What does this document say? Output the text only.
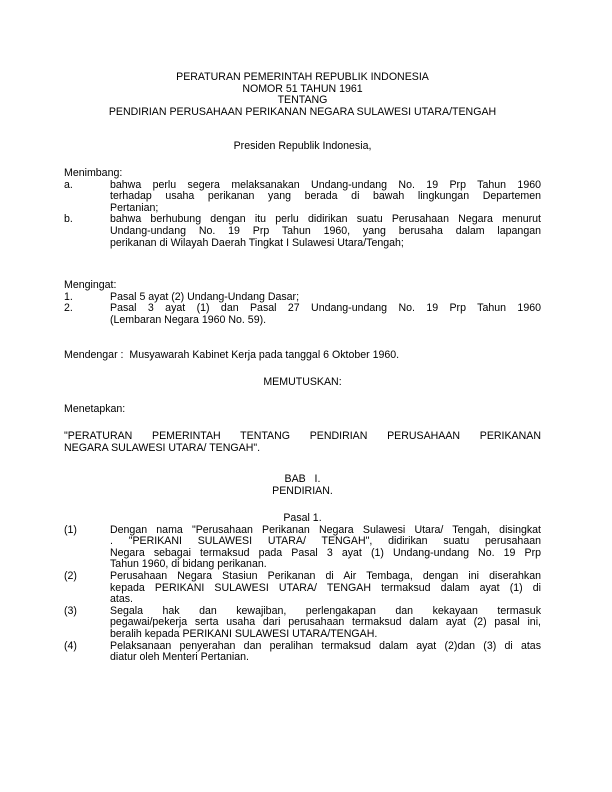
PERATURAN PEMERINTAH REPUBLIK INDONESIA
NOMOR 51 TAHUN 1961
TENTANG
PENDIRIAN PERUSAHAAN PERIKANAN NEGARA SULAWESI UTARA/TENGAH
Presiden Republik Indonesia,
Menimbang:
a.	bahwa perlu segera melaksanakan Undang-undang No. 19 Prp Tahun 1960
terhadap usaha perikanan yang berada di bawah lingkungan Departemen
Pertanian;
b.	bahwa berhubung dengan itu perlu didirikan suatu Perusahaan Negara menurut
Undang-undang No. 19 Prp Tahun 1960, yang berusaha dalam lapangan
perikanan di Wilayah Daerah Tingkat I Sulawesi Utara/Tengah;
Mengingat:
1.	Pasal 5 ayat (2) Undang-Undang Dasar;
2.	Pasal 3 ayat (1) dan Pasal 27 Undang-undang No. 19 Prp Tahun 1960
(Lembaran Negara 1960 No. 59).
Mendengar :  Musyawarah Kabinet Kerja pada tanggal 6 Oktober 1960.
MEMUTUSKAN:
Menetapkan:
"PERATURAN PEMERINTAH TENTANG PENDIRIAN PERUSAHAAN PERIKANAN
NEGARA SULAWESI UTARA/ TENGAH".
BAB   I.
PENDIRIAN.
Pasal 1.
(1)	Dengan nama "Perusahaan Perikanan Negara Sulawesi Utara/ Tengah, disingkat
. "PERIKANI SULAWESI UTARA/ TENGAH", didirikan suatu perusahaan
Negara sebagai termaksud pada Pasal 3 ayat (1) Undang-undang No. 19 Prp
Tahun 1960, di bidang perikanan.
(2)	Perusahaan Negara Stasiun Perikanan di Air Tembaga, dengan ini diserahkan
kepada PERIKANI SULAWESI UTARA/ TENGAH termaksud dalam ayat (1) di
atas.
(3)	Segala hak dan kewajiban, perlengakapan dan kekayaan termasuk
pegawai/pekerja serta usaha dari perusahaan termaksud dalam ayat (2) pasal ini,
beralih kepada PERIKANI SULAWESI UTARA/TENGAH.
(4)	Pelaksanaan penyerahan dan peralihan termaksud dalam ayat (2)dan (3) di atas
diatur oleh Menteri Pertanian.
